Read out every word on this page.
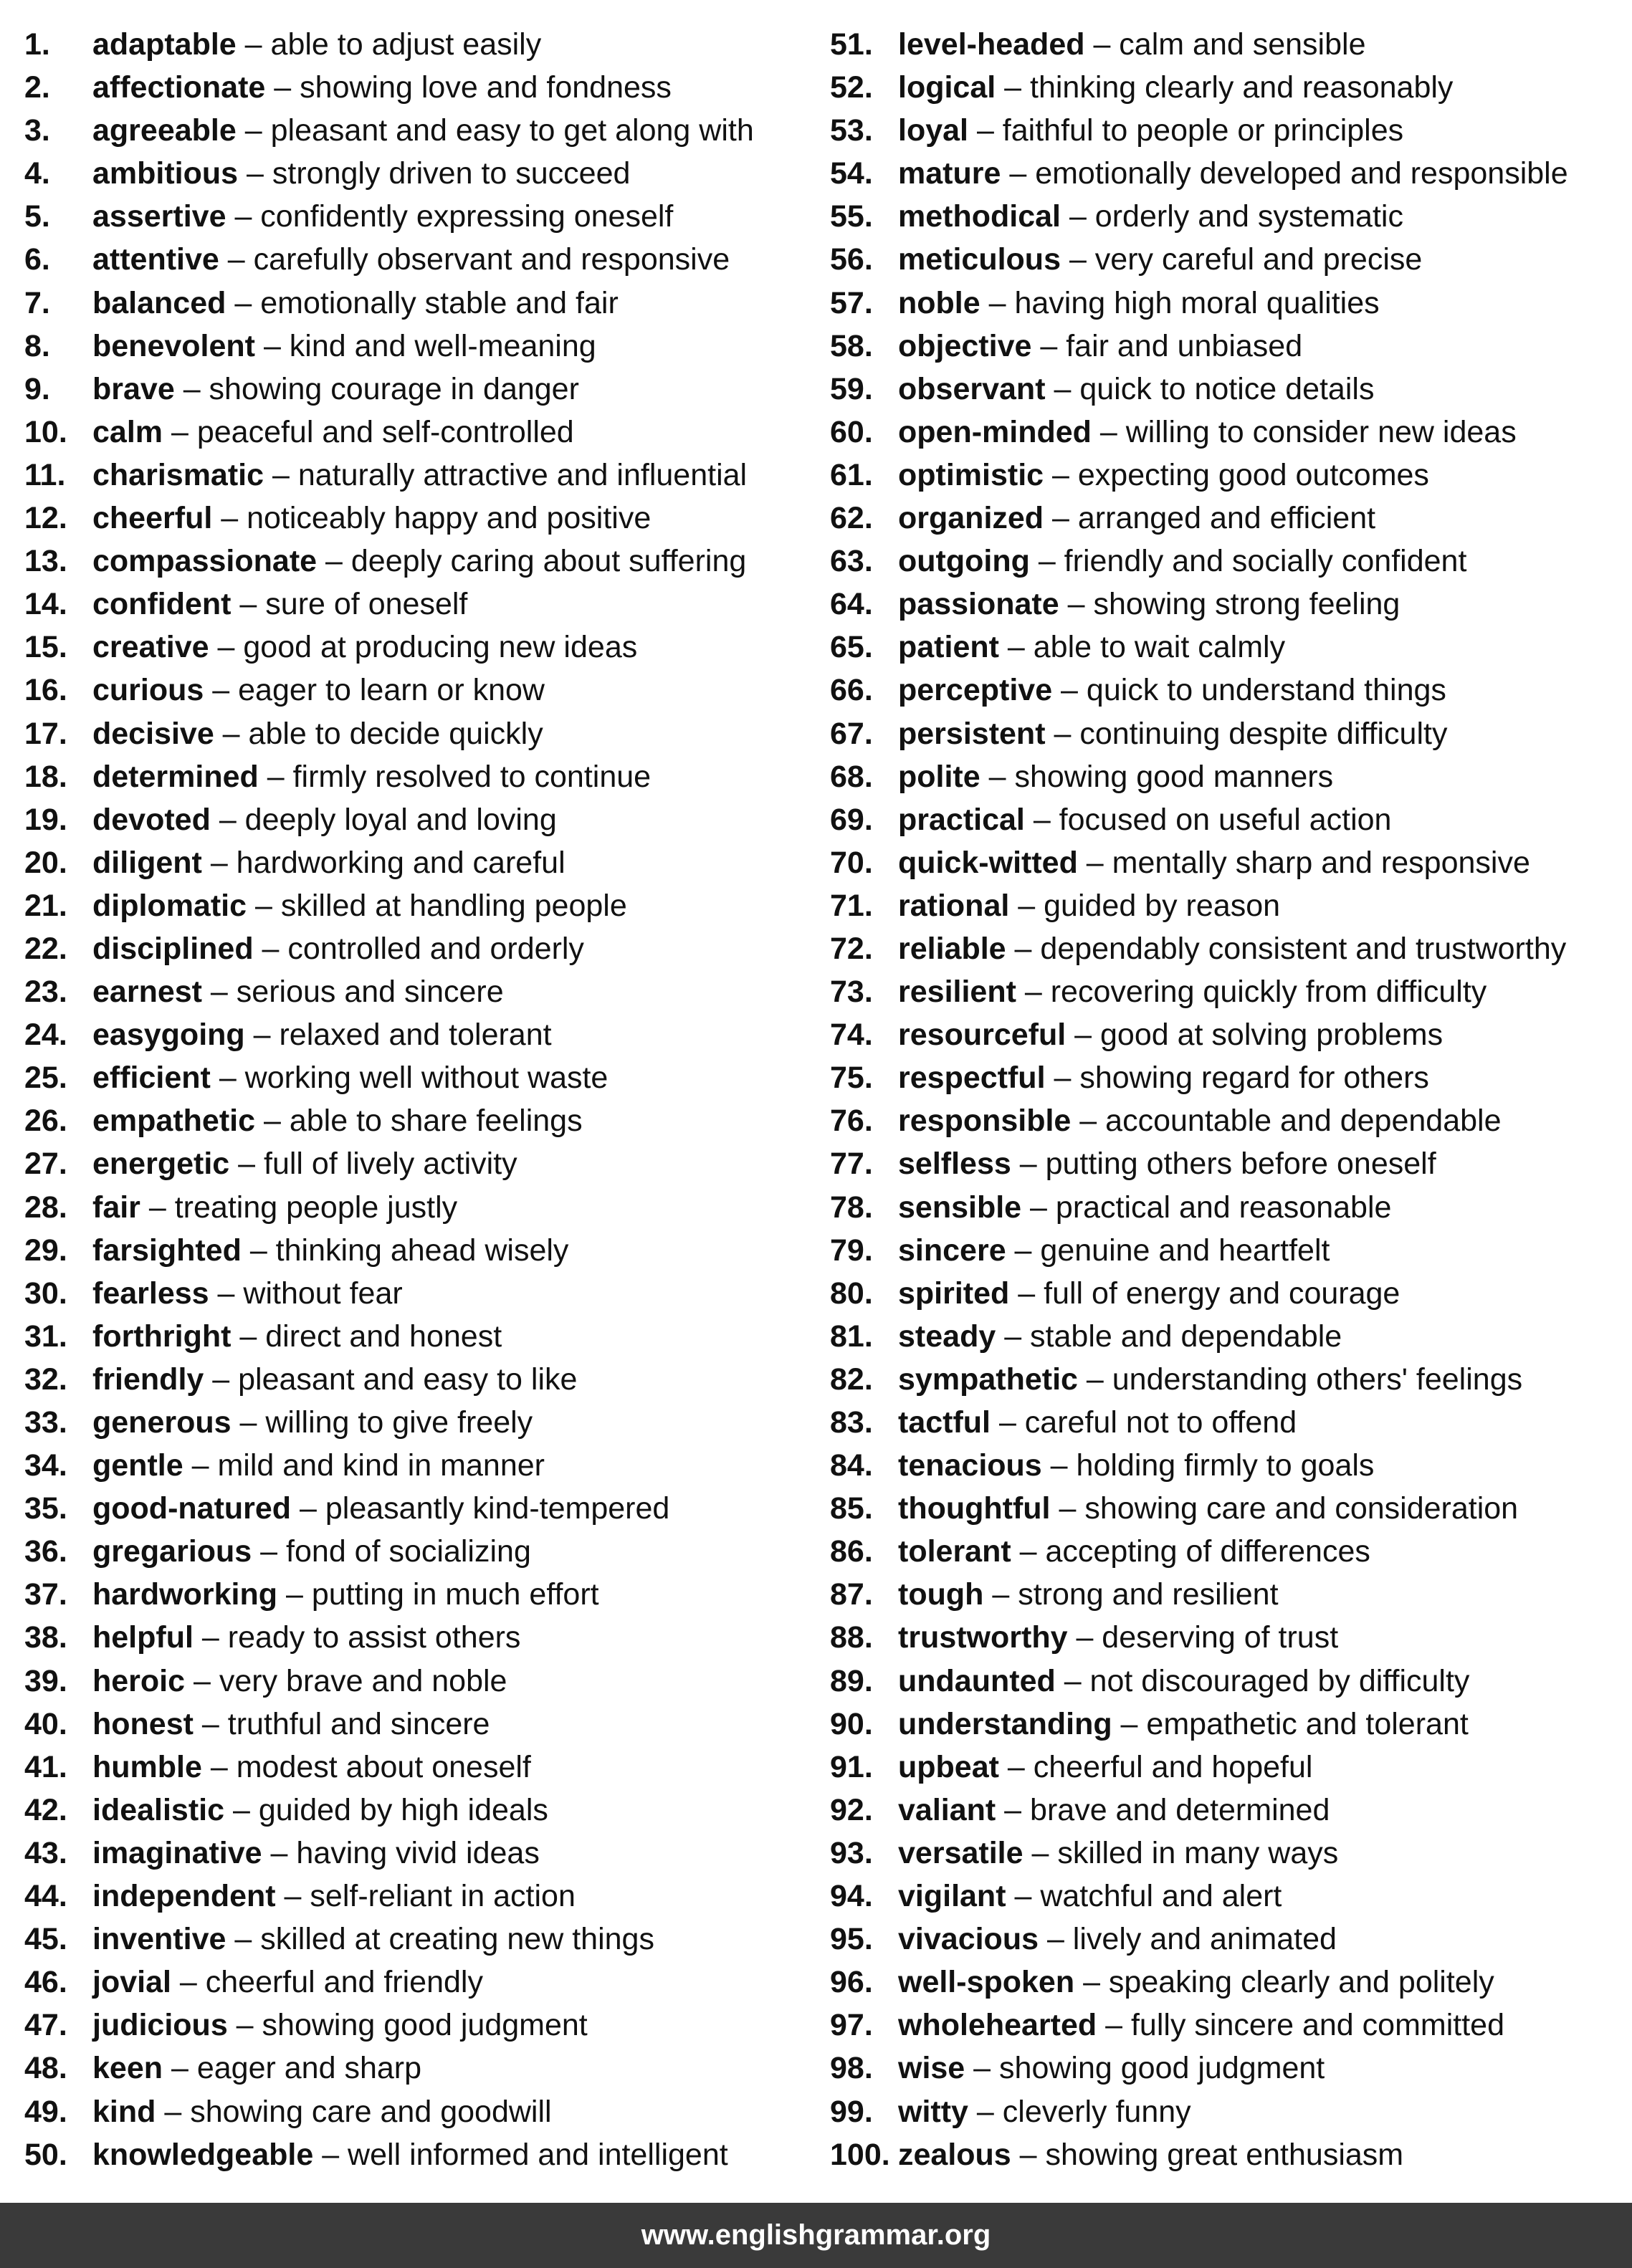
1. adaptable – able to adjust easily
2. affectionate – showing love and fondness
3. agreeable – pleasant and easy to get along with
4. ambitious – strongly driven to succeed
5. assertive – confidently expressing oneself
6. attentive – carefully observant and responsive
7. balanced – emotionally stable and fair
8. benevolent – kind and well-meaning
9. brave – showing courage in danger
10. calm – peaceful and self-controlled
11. charismatic – naturally attractive and influential
12. cheerful – noticeably happy and positive
13. compassionate – deeply caring about suffering
14. confident – sure of oneself
15. creative – good at producing new ideas
16. curious – eager to learn or know
17. decisive – able to decide quickly
18. determined – firmly resolved to continue
19. devoted – deeply loyal and loving
20. diligent – hardworking and careful
21. diplomatic – skilled at handling people
22. disciplined – controlled and orderly
23. earnest – serious and sincere
24. easygoing – relaxed and tolerant
25. efficient – working well without waste
26. empathetic – able to share feelings
27. energetic – full of lively activity
28. fair – treating people justly
29. farsighted – thinking ahead wisely
30. fearless – without fear
31. forthright – direct and honest
32. friendly – pleasant and easy to like
33. generous – willing to give freely
34. gentle – mild and kind in manner
35. good-natured – pleasantly kind-tempered
36. gregarious – fond of socializing
37. hardworking – putting in much effort
38. helpful – ready to assist others
39. heroic – very brave and noble
40. honest – truthful and sincere
41. humble – modest about oneself
42. idealistic – guided by high ideals
43. imaginative – having vivid ideas
44. independent – self-reliant in action
45. inventive – skilled at creating new things
46. jovial – cheerful and friendly
47. judicious – showing good judgment
48. keen – eager and sharp
49. kind – showing care and goodwill
50. knowledgeable – well informed and intelligent
51. level-headed – calm and sensible
52. logical – thinking clearly and reasonably
53. loyal – faithful to people or principles
54. mature – emotionally developed and responsible
55. methodical – orderly and systematic
56. meticulous – very careful and precise
57. noble – having high moral qualities
58. objective – fair and unbiased
59. observant – quick to notice details
60. open-minded – willing to consider new ideas
61. optimistic – expecting good outcomes
62. organized – arranged and efficient
63. outgoing – friendly and socially confident
64. passionate – showing strong feeling
65. patient – able to wait calmly
66. perceptive – quick to understand things
67. persistent – continuing despite difficulty
68. polite – showing good manners
69. practical – focused on useful action
70. quick-witted – mentally sharp and responsive
71. rational – guided by reason
72. reliable – dependably consistent and trustworthy
73. resilient – recovering quickly from difficulty
74. resourceful – good at solving problems
75. respectful – showing regard for others
76. responsible – accountable and dependable
77. selfless – putting others before oneself
78. sensible – practical and reasonable
79. sincere – genuine and heartfelt
80. spirited – full of energy and courage
81. steady – stable and dependable
82. sympathetic – understanding others' feelings
83. tactful – careful not to offend
84. tenacious – holding firmly to goals
85. thoughtful – showing care and consideration
86. tolerant – accepting of differences
87. tough – strong and resilient
88. trustworthy – deserving of trust
89. undaunted – not discouraged by difficulty
90. understanding – empathetic and tolerant
91. upbeat – cheerful and hopeful
92. valiant – brave and determined
93. versatile – skilled in many ways
94. vigilant – watchful and alert
95. vivacious – lively and animated
96. well-spoken – speaking clearly and politely
97. wholehearted – fully sincere and committed
98. wise – showing good judgment
99. witty – cleverly funny
100. zealous – showing great enthusiasm
www.englishgrammar.org
